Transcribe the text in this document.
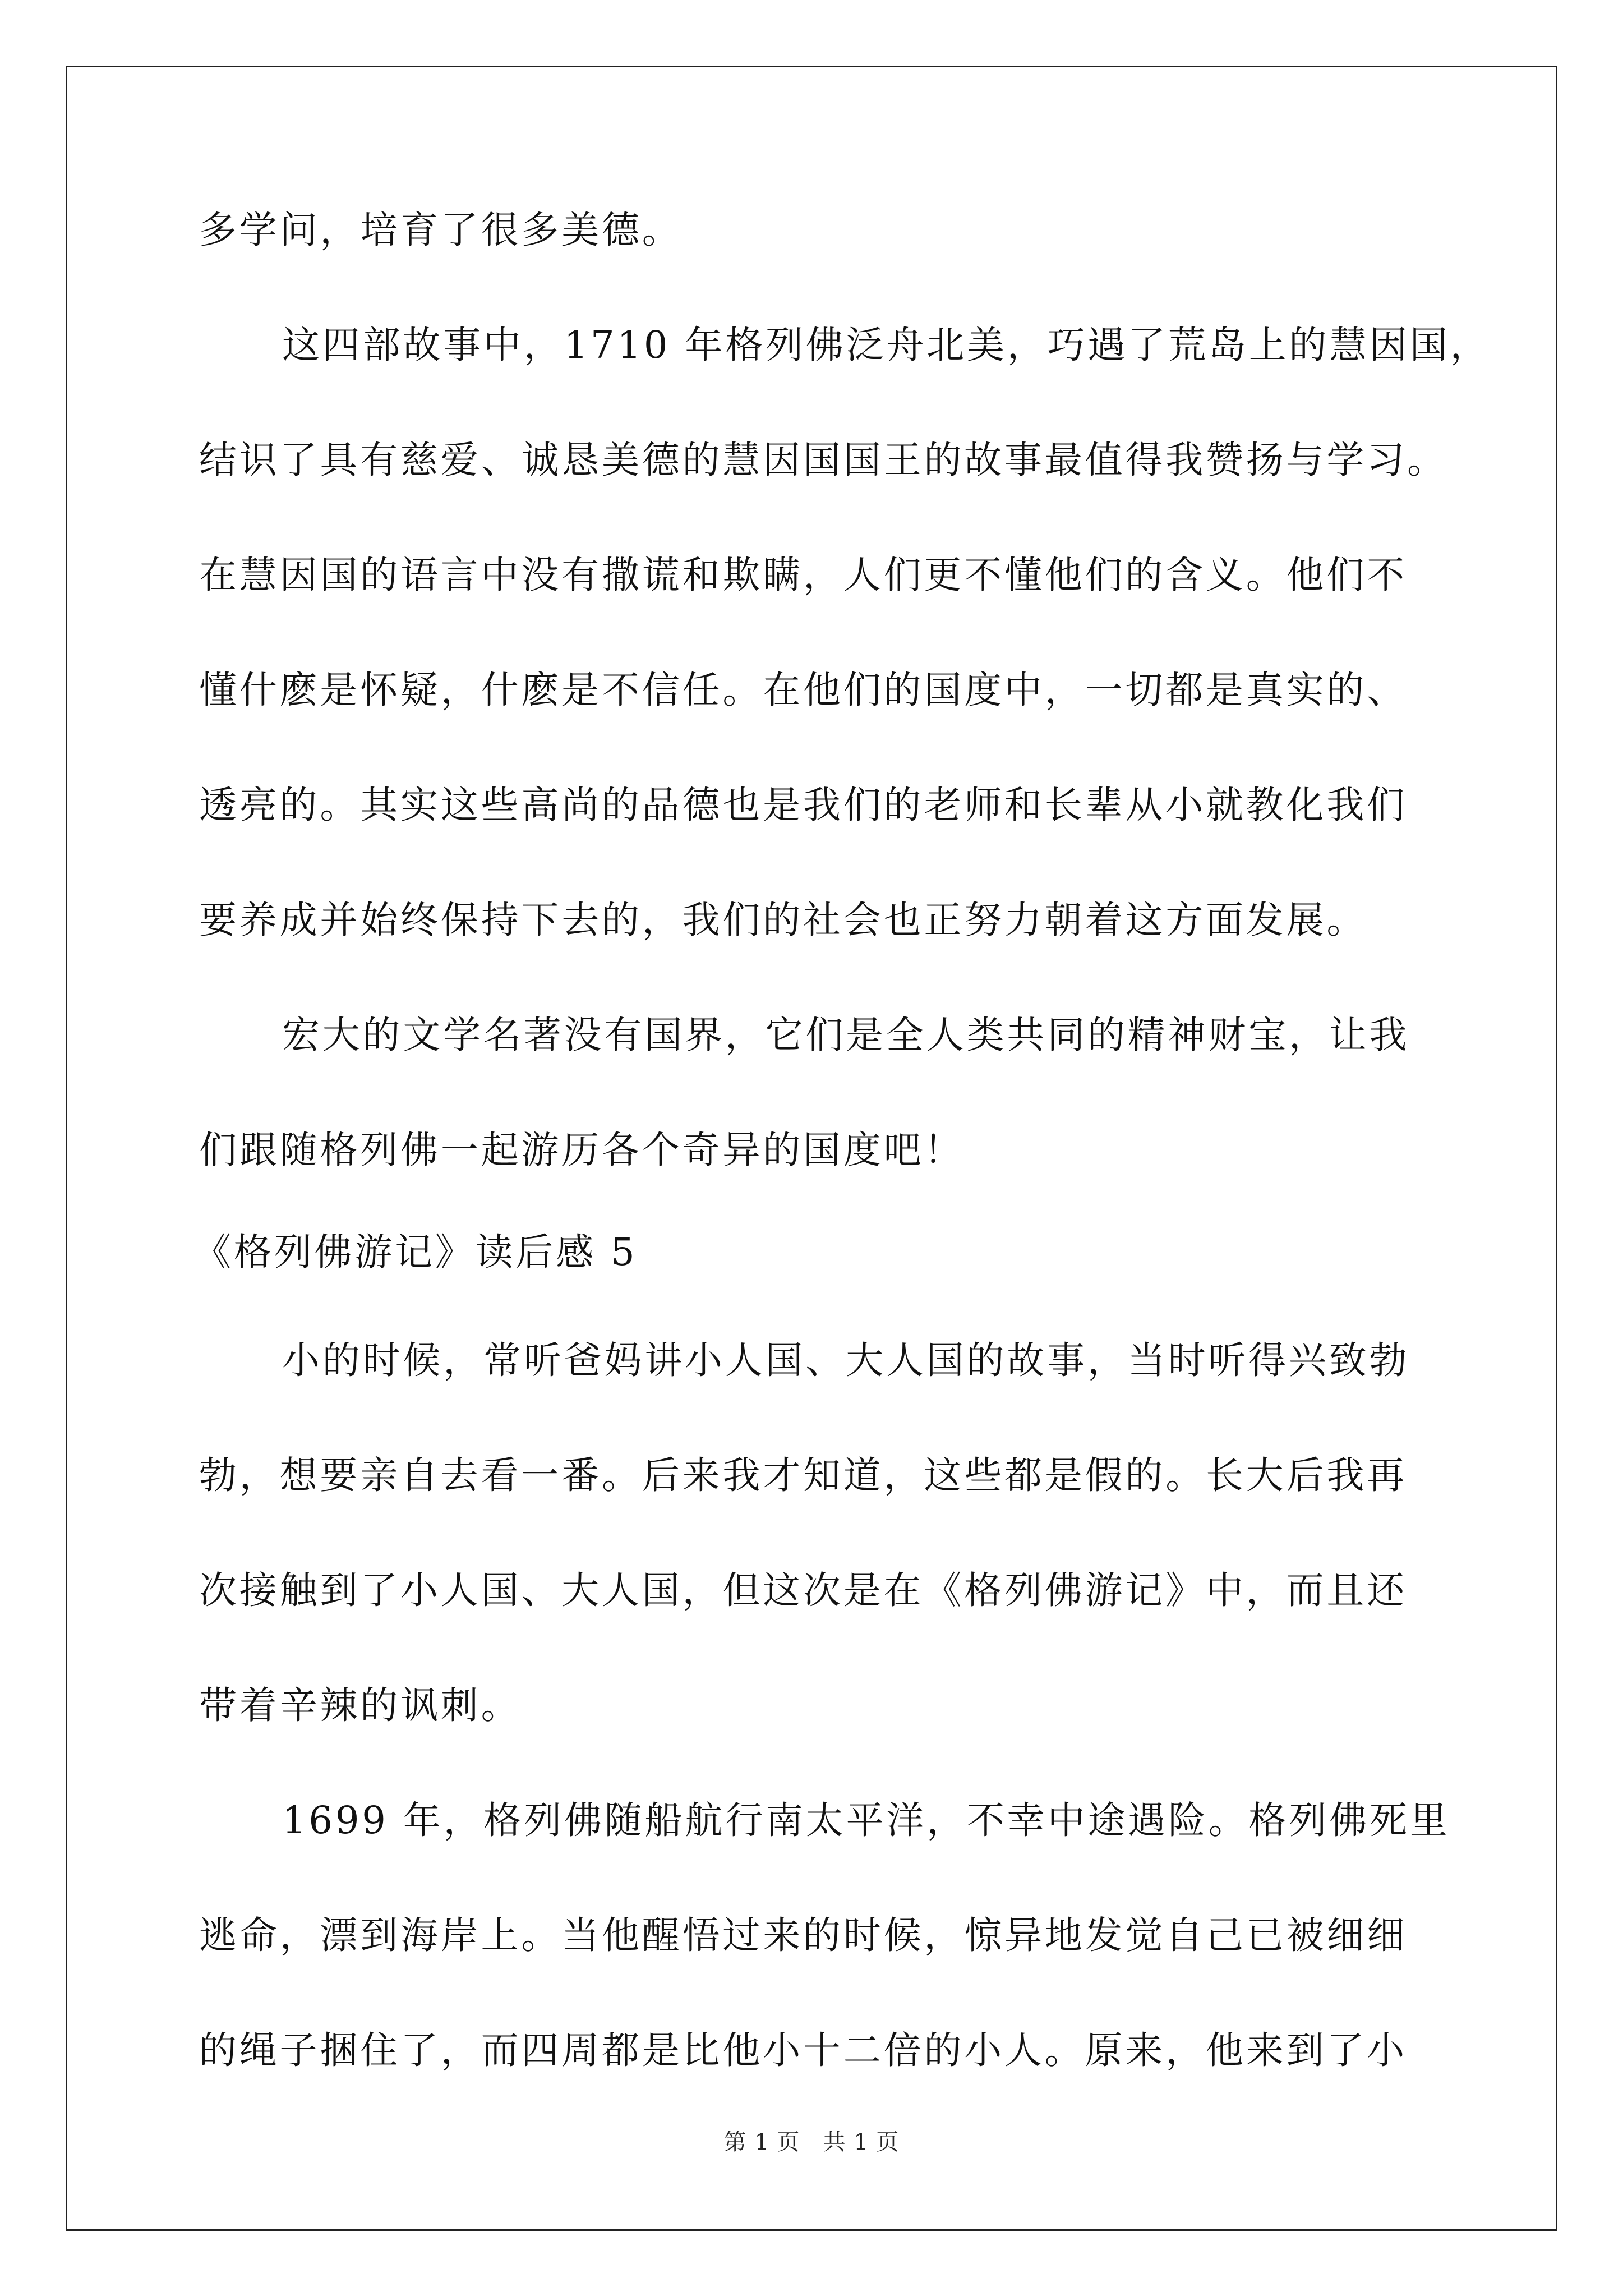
多学问，培育了很多美德。
这四部故事中，1710 年格列佛泛舟北美，巧遇了荒岛上的慧因国，
结识了具有慈爱、诚恳美德的慧因国国王的故事最值得我赞扬与学习。
在慧因国的语言中没有撒谎和欺瞒，人们更不懂他们的含义。他们不
懂什麽是怀疑，什麽是不信任。在他们的国度中，一切都是真实的、
透亮的。其实这些高尚的品德也是我们的老师和长辈从小就教化我们
要养成并始终保持下去的，我们的社会也正努力朝着这方面发展。
宏大的文学名著没有国界，它们是全人类共同的精神财宝，让我
们跟随格列佛一起游历各个奇异的国度吧！
《格列佛游记》读后感 5
小的时候，常听爸妈讲小人国、大人国的故事，当时听得兴致勃
勃，想要亲自去看一番。后来我才知道，这些都是假的。长大后我再
次接触到了小人国、大人国，但这次是在《格列佛游记》中，而且还
带着辛辣的讽刺。
1699 年，格列佛随船航行南太平洋，不幸中途遇险。格列佛死里
逃命，漂到海岸上。当他醒悟过来的时候，惊异地发觉自己已被细细
的绳子捆住了，而四周都是比他小十二倍的小人。原来，他来到了小
第 1 页　共 1 页
